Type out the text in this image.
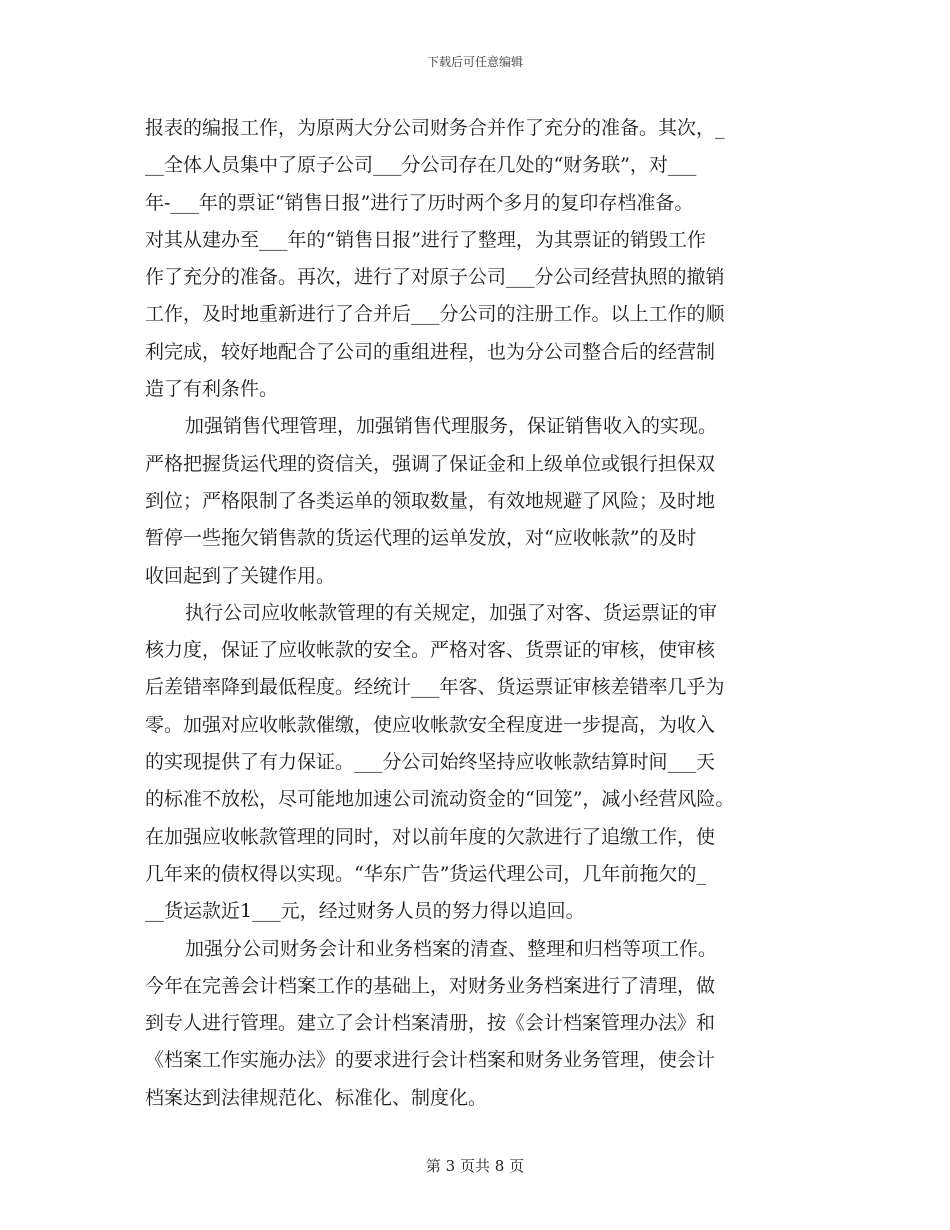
下载后可任意编辑
报表的编报工作，为原两大分公司财务合并作了充分的准备。其次，_
__全体人员集中了原子公司___分公司存在几处的“财务联”，对___
年-___年的票证“销售日报”进行了历时两个多月的复印存档准备。
对其从建办至___年的“销售日报”进行了整理，为其票证的销毁工作
作了充分的准备。再次，进行了对原子公司___分公司经营执照的撤销
工作，及时地重新进行了合并后___分公司的注册工作。以上工作的顺
利完成，较好地配合了公司的重组进程，也为分公司整合后的经营制
造了有利条件。
加强销售代理管理，加强销售代理服务，保证销售收入的实现。
严格把握货运代理的资信关，强调了保证金和上级单位或银行担保双
到位；严格限制了各类运单的领取数量，有效地规避了风险；及时地
暂停一些拖欠销售款的货运代理的运单发放，对“应收帐款”的及时
收回起到了关键作用。
执行公司应收帐款管理的有关规定，加强了对客、货运票证的审
核力度，保证了应收帐款的安全。严格对客、货票证的审核，使审核
后差错率降到最低程度。经统计___年客、货运票证审核差错率几乎为
零。加强对应收帐款催缴，使应收帐款安全程度进一步提高，为收入
的实现提供了有力保证。___分公司始终坚持应收帐款结算时间___天
的标准不放松，尽可能地加速公司流动资金的“回笼”，减小经营风险。
在加强应收帐款管理的同时，对以前年度的欠款进行了追缴工作，使
几年来的债权得以实现。“华东广告”货运代理公司，几年前拖欠的_
__货运款近1___元，经过财务人员的努力得以追回。
加强分公司财务会计和业务档案的清查、整理和归档等项工作。
今年在完善会计档案工作的基础上，对财务业务档案进行了清理，做
到专人进行管理。建立了会计档案清册，按《会计档案管理办法》和
《档案工作实施办法》的要求进行会计档案和财务业务管理，使会计
档案达到法律规范化、标准化、制度化。
第 3 页共 8 页
